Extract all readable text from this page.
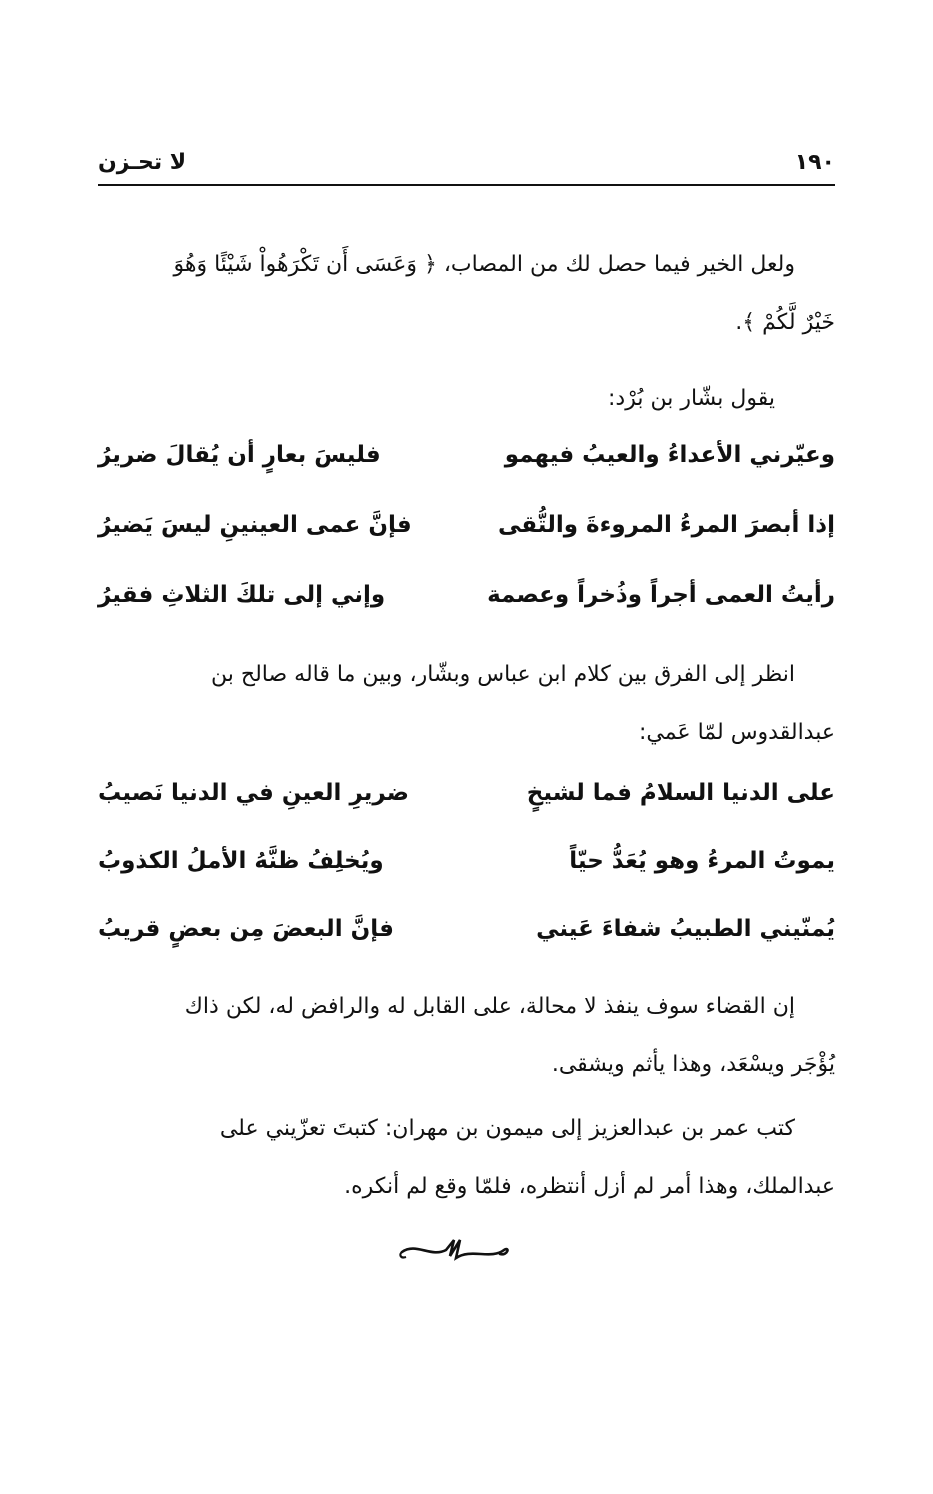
١٩٠
لا تحـزن

ولعل الخير فيما حصل لك من المصاب، ﴿ وَعَسَى أَن تَكْرَهُواْ شَيْئًا وَهُوَ
خَيْرٌ لَّكُمْ ﴾.

يقول بشّار بن بُرْد:

وعيّرني الأعداءُ والعيبُ فيهمو
فليسَ بعارٍ أن يُقالَ ضريرُ
إذا أبصرَ المرءُ المروءةَ والتُّقى
فإنَّ عمى العينينِ ليسَ يَضيرُ
رأيتُ العمى أجراً وذُخراً وعصمة
وإني إلى تلكَ الثلاثِ فقيرُ

انظر إلى الفرق بين كلام ابن عباس وبشّار، وبين ما قاله صالح بن
عبدالقدوس لمّا عَمي:

على الدنيا السلامُ فما لشيخٍ
ضريرِ العينِ في الدنيا نَصيبُ
يموتُ المرءُ وهو يُعَدُّ حيّاً
ويُخلِفُ ظنَّهُ الأملُ الكذوبُ
يُمنّيني الطبيبُ شفاءَ عَيني
فإنَّ البعضَ مِن بعضٍ قريبُ

إن القضاء سوف ينفذ لا محالة، على القابل له والرافض له، لكن ذاك
يُؤْجَر ويسْعَد، وهذا يأثم ويشقى.

كتب عمر بن عبدالعزيز إلى ميمون بن مهران: كتبتَ تعزّيني على
عبدالملك، وهذا أمر لم أزل أنتظره، فلمّا وقع لم أنكره.
